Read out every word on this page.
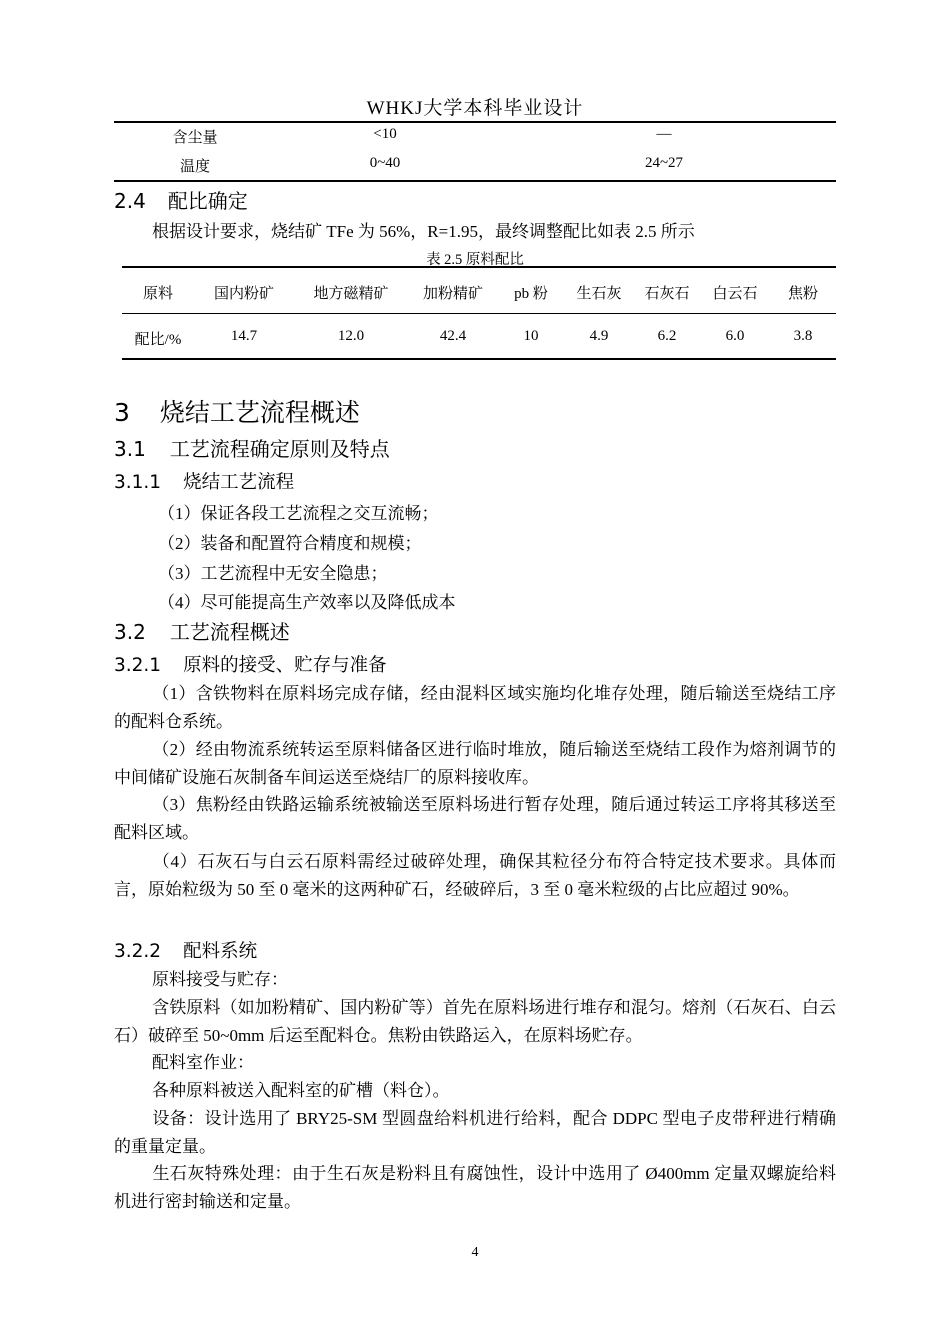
WHKJ大学本科毕业设计
含尘量	<10	—
温度	0~40	24~27
2.4 配比确定
根据设计要求，烧结矿 TFe 为 56%，R=1.95，最终调整配比如表 2.5 所示
表 2.5 原料配比
原料	国内粉矿	地方磁精矿	加粉精矿	pb 粉	生石灰	石灰石	白云石	焦粉
配比/%	14.7	12.0	42.4	10	4.9	6.2	6.0	3.8
3 烧结工艺流程概述
3.1 工艺流程确定原则及特点
3.1.1 烧结工艺流程
（1）保证各段工艺流程之交互流畅；
（2）装备和配置符合精度和规模；
（3）工艺流程中无安全隐患；
（4）尽可能提高生产效率以及降低成本
3.2 工艺流程概述
3.2.1 原料的接受、贮存与准备
（1）含铁物料在原料场完成存储，经由混料区域实施均化堆存处理，随后输送至烧结工序的配料仓系统。
（2）经由物流系统转运至原料储备区进行临时堆放，随后输送至烧结工段作为熔剂调节的中间储矿设施石灰制备车间运送至烧结厂的原料接收库。
（3）焦粉经由铁路运输系统被输送至原料场进行暂存处理，随后通过转运工序将其移送至配料区域。
（4）石灰石与白云石原料需经过破碎处理，确保其粒径分布符合特定技术要求。具体而言，原始粒级为 50 至 0 毫米的这两种矿石，经破碎后，3 至 0 毫米粒级的占比应超过 90%。
3.2.2 配料系统
原料接受与贮存：
含铁原料（如加粉精矿、国内粉矿等）首先在原料场进行堆存和混匀。熔剂（石灰石、白云石）破碎至 50~0mm 后运至配料仓。焦粉由铁路运入，在原料场贮存。
配料室作业：
各种原料被送入配料室的矿槽（料仓）。
设备：设计选用了 BRY25-SM 型圆盘给料机进行给料，配合 DDPC 型电子皮带秤进行精确的重量定量。
生石灰特殊处理：由于生石灰是粉料且有腐蚀性，设计中选用了 Ø400mm 定量双螺旋给料机进行密封输送和定量。
4
